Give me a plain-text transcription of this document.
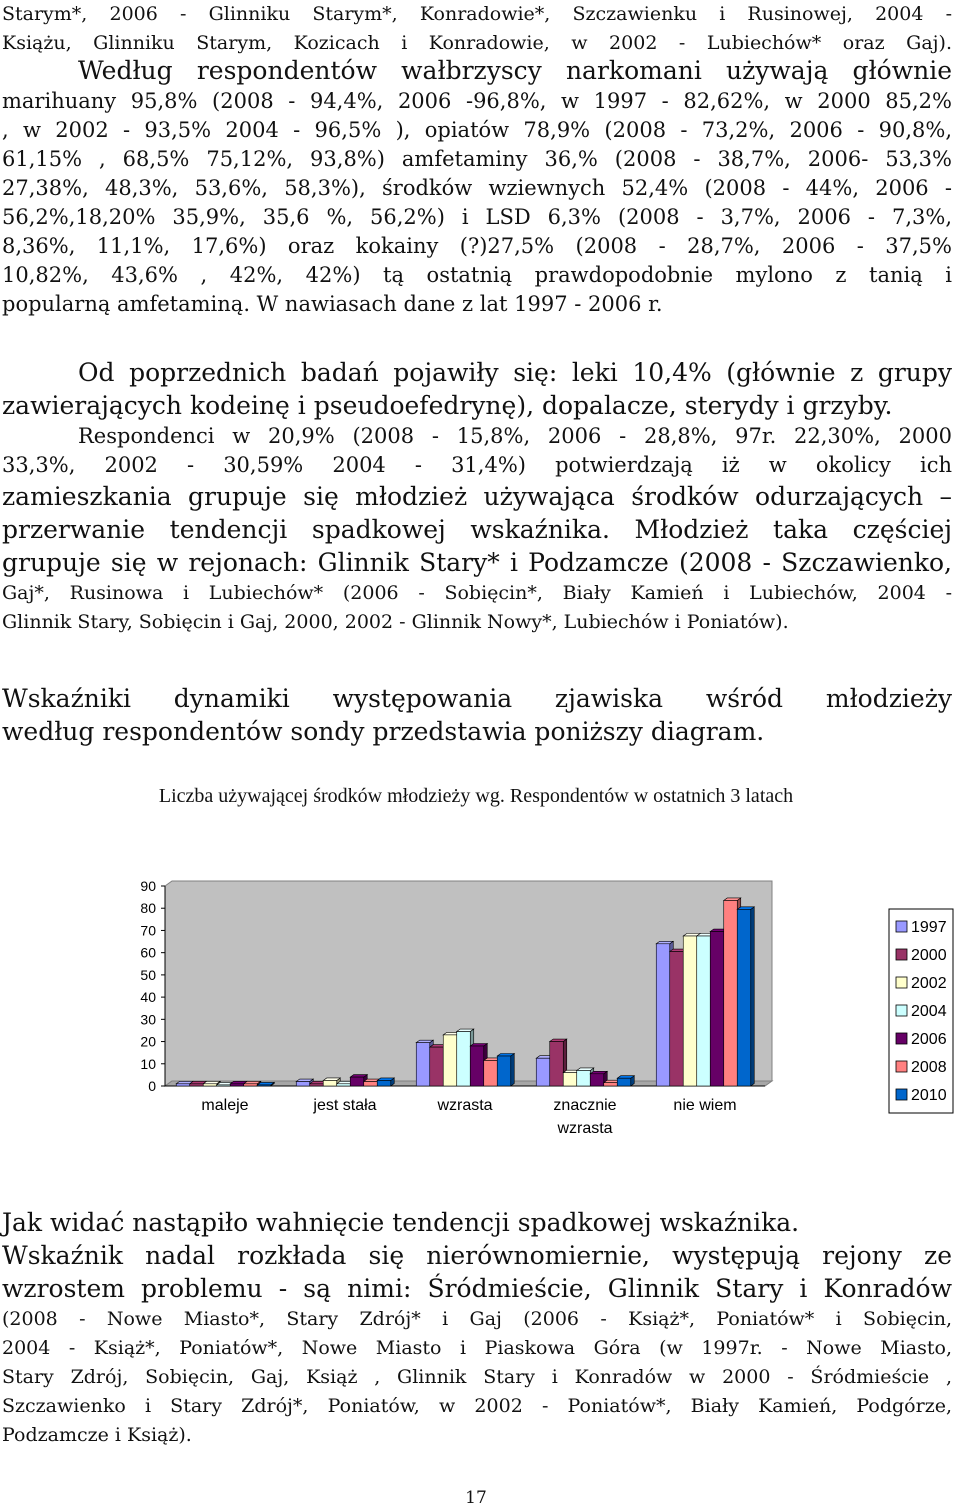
Starym*, 2006 - Glinniku Starym*, Konradowie*, Szczawienku i Rusinowej, 2004 -
Książu, Glinniku Starym, Kozicach i Konradowie, w 2002 - Lubiechów* oraz Gaj).

Według respondentów wałbrzyscy narkomani używają głównie
marihuany 95,8% (2008 - 94,4%, 2006 -96,8%, w 1997 - 82,62%, w 2000 85,2%
, w 2002 - 93,5% 2004 - 96,5% ), opiatów 78,9% (2008 - 73,2%, 2006 - 90,8%,
61,15% , 68,5% 75,12%, 93,8%) amfetaminy 36,% (2008 - 38,7%, 2006- 53,3%
27,38%, 48,3%, 53,6%, 58,3%), środków wziewnych 52,4% (2008 - 44%, 2006 -
56,2%,18,20% 35,9%, 35,6 %, 56,2%) i LSD 6,3% (2008 - 3,7%, 2006 - 7,3%,
8,36%, 11,1%, 17,6%) oraz kokainy (?)27,5% (2008 - 28,7%, 2006 - 37,5%
10,82%, 43,6% , 42%, 42%) tą ostatnią prawdopodobnie mylono z tanią i
popularną amfetaminą. W nawiasach dane z lat 1997 - 2006 r.
Od poprzednich badań pojawiły się: leki 10,4% (głównie z grupy
zawierających kodeinę i pseudoefedrynę), dopalacze, sterydy i grzyby.
Respondenci w 20,9% (2008 - 15,8%, 2006 - 28,8%, 97r. 22,30%, 2000
33,3%, 2002 - 30,59% 2004 - 31,4%) potwierdzają iż w okolicy ich
zamieszkania grupuje się młodzież używająca środków odurzających –
przerwanie tendencji spadkowej wskaźnika. Młodzież taka częściej
grupuje się w rejonach: Glinnik Stary* i Podzamcze (2008 - Szczawienko,
Gaj*, Rusinowa i Lubiechów* (2006 - Sobięcin*, Biały Kamień i Lubiechów, 2004 -
Glinnik Stary, Sobięcin i Gaj, 2000, 2002 - Glinnik Nowy*, Lubiechów i Poniatów).
Wskaźniki dynamiki występowania zjawiska wśród młodzieży
według respondentów sondy przedstawia poniższy diagram.
Liczba używającej środków młodzieży wg. Respondentów w ostatnich 3 latach
0
10
20
30
40
50
60
70
80
90
maleje	jest stała	wzrasta	znacznie
wzrasta
nie wiem
1997
2000
2002
2004
2006
2008
2010
Jak widać nastąpiło wahnięcie tendencji spadkowej wskaźnika.
Wskaźnik nadal rozkłada się nierównomiernie, występują rejony ze
wzrostem problemu - są nimi: Śródmieście, Glinnik Stary i Konradów
(2008 - Nowe Miasto*, Stary Zdrój* i Gaj (2006 - Książ*, Poniatów* i Sobięcin,
2004 - Książ*, Poniatów*, Nowe Miasto i Piaskowa Góra (w 1997r. - Nowe Miasto,
Stary Zdrój, Sobięcin, Gaj, Książ , Glinnik Stary i Konradów w 2000 - Śródmieście ,
Szczawienko i Stary Zdrój*, Poniatów, w 2002 - Poniatów*, Biały Kamień, Podgórze,
Podzamcze i Książ).
17
